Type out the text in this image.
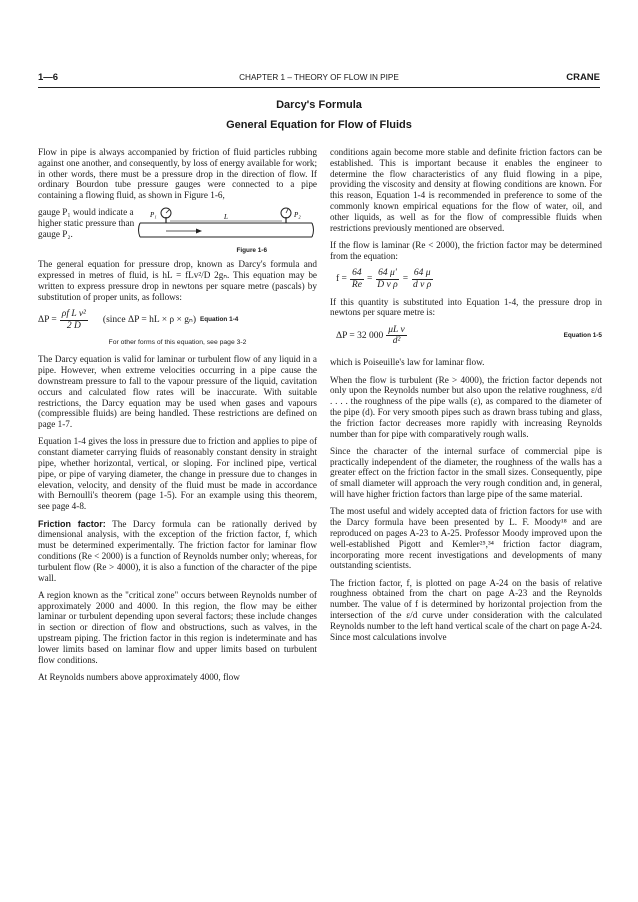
1—6	CHAPTER 1 – THEORY OF FLOW IN PIPE	CRANE
Darcy's Formula
General Equation for Flow of Fluids

Flow in pipe is always accompanied by friction of fluid particles rubbing against one another, and consequently, by loss of energy available for work; in other words, there must be a pressure drop in the direction of flow. If ordinary Bourdon tube pressure gauges were connected to a pipe containing a flowing fluid, as shown in Figure 1-6,

gauge P₁ would indicate a higher static pressure than gauge P₂.
P₁	L	P₂
Figure 1-6

The general equation for pressure drop, known as Darcy's formula and expressed in metres of fluid, is hL = fLv²/D 2gₙ. This equation may be written to express pressure drop in newtons per square metre (pascals) by substitution of proper units, as follows:

$\Delta P = \frac{\text{ρf L v²}}{2 D}$ (since ΔP = hL × ρ × gₙ) Equation 1-4
For other forms of this equation, see page 3-2

The Darcy equation is valid for laminar or turbulent flow of any liquid in a pipe. However, when extreme velocities occurring in a pipe cause the downstream pressure to fall to the vapour pressure of the liquid, cavitation occurs and calculated flow rates will be inaccurate. With suitable restrictions, the Darcy equation may be used when gases and vapours (compressible fluids) are being handled. These restrictions are defined on page 1-7.

Equation 1-4 gives the loss in pressure due to friction and applies to pipe of constant diameter carrying fluids of reasonably constant density in straight pipe, whether horizontal, vertical, or sloping. For inclined pipe, vertical pipe, or pipe of varying diameter, the change in pressure due to changes in elevation, velocity, and density of the fluid must be made in accordance with Bernoulli's theorem (page 1-5). For an example using this theorem, see page 4-8.

Friction factor: The Darcy formula can be rationally derived by dimensional analysis, with the exception of the friction factor, f, which must be determined experimentally. The friction factor for laminar flow conditions (Re < 2000) is a function of Reynolds number only; whereas, for turbulent flow (Re > 4000), it is also a function of the character of the pipe wall.

A region known as the "critical zone" occurs between Reynolds number of approximately 2000 and 4000. In this region, the flow may be either laminar or turbulent depending upon several factors; these include changes in section or direction of flow and obstructions, such as valves, in the upstream piping. The friction factor in this region is indeterminate and has lower limits based on laminar flow and upper limits based on turbulent flow conditions.

At Reynolds numbers above approximately 4000, flow

conditions again become more stable and definite friction factors can be established. This is important because it enables the engineer to determine the flow characteristics of any fluid flowing in a pipe, providing the viscosity and density at flowing conditions are known. For this reason, Equation 1-4 is recommended in preference to some of the commonly known empirical equations for the flow of water, oil, and other liquids, as well as for the flow of compressible fluids when restrictions previously mentioned are observed.

If the flow is laminar (Re < 2000), the friction factor may be determined from the equation:

$f = \frac{64}{Re} = \frac{64 \mu'}{\text{D v ρ}} = \frac{64 \mu}{\text{d v ρ}}$

If this quantity is substituted into Equation 1-4, the pressure drop in newtons per square metre is:

ΔP = 32 $000 \frac{\text{μL v}}{\text{d²}}$	Equation 1-5

which is Poiseuille's law for laminar flow.

When the flow is turbulent (Re > 4000), the friction factor depends not only upon the Reynolds number but also upon the relative roughness, ε/d . . . . the roughness of the pipe walls (ε), as compared to the diameter of the pipe (d). For very smooth pipes such as drawn brass tubing and glass, the friction factor decreases more rapidly with increasing Reynolds number than for pipe with comparatively rough walls.

Since the character of the internal surface of commercial pipe is practically independent of the diameter, the roughness of the walls has a greater effect on the friction factor in the small sizes. Consequently, pipe of small diameter will approach the very rough condition and, in general, will have higher friction factors than large pipe of the same material.

The most useful and widely accepted data of friction factors for use with the Darcy formula have been presented by L. F. Moody¹⁸ and are reproduced on pages A-23 to A-25. Professor Moody improved upon the well-established Pigott and Kemler²⁵,³⁴ friction factor diagram, incorporating more recent investigations and developments of many outstanding scientists.

The friction factor, f, is plotted on page A-24 on the basis of relative roughness obtained from the chart on page A-23 and the Reynolds number. The value of f is determined by horizontal projection from the intersection of the ε/d curve under consideration with the calculated Reynolds number to the left hand vertical scale of the chart on page A-24. Since most calculations involve
